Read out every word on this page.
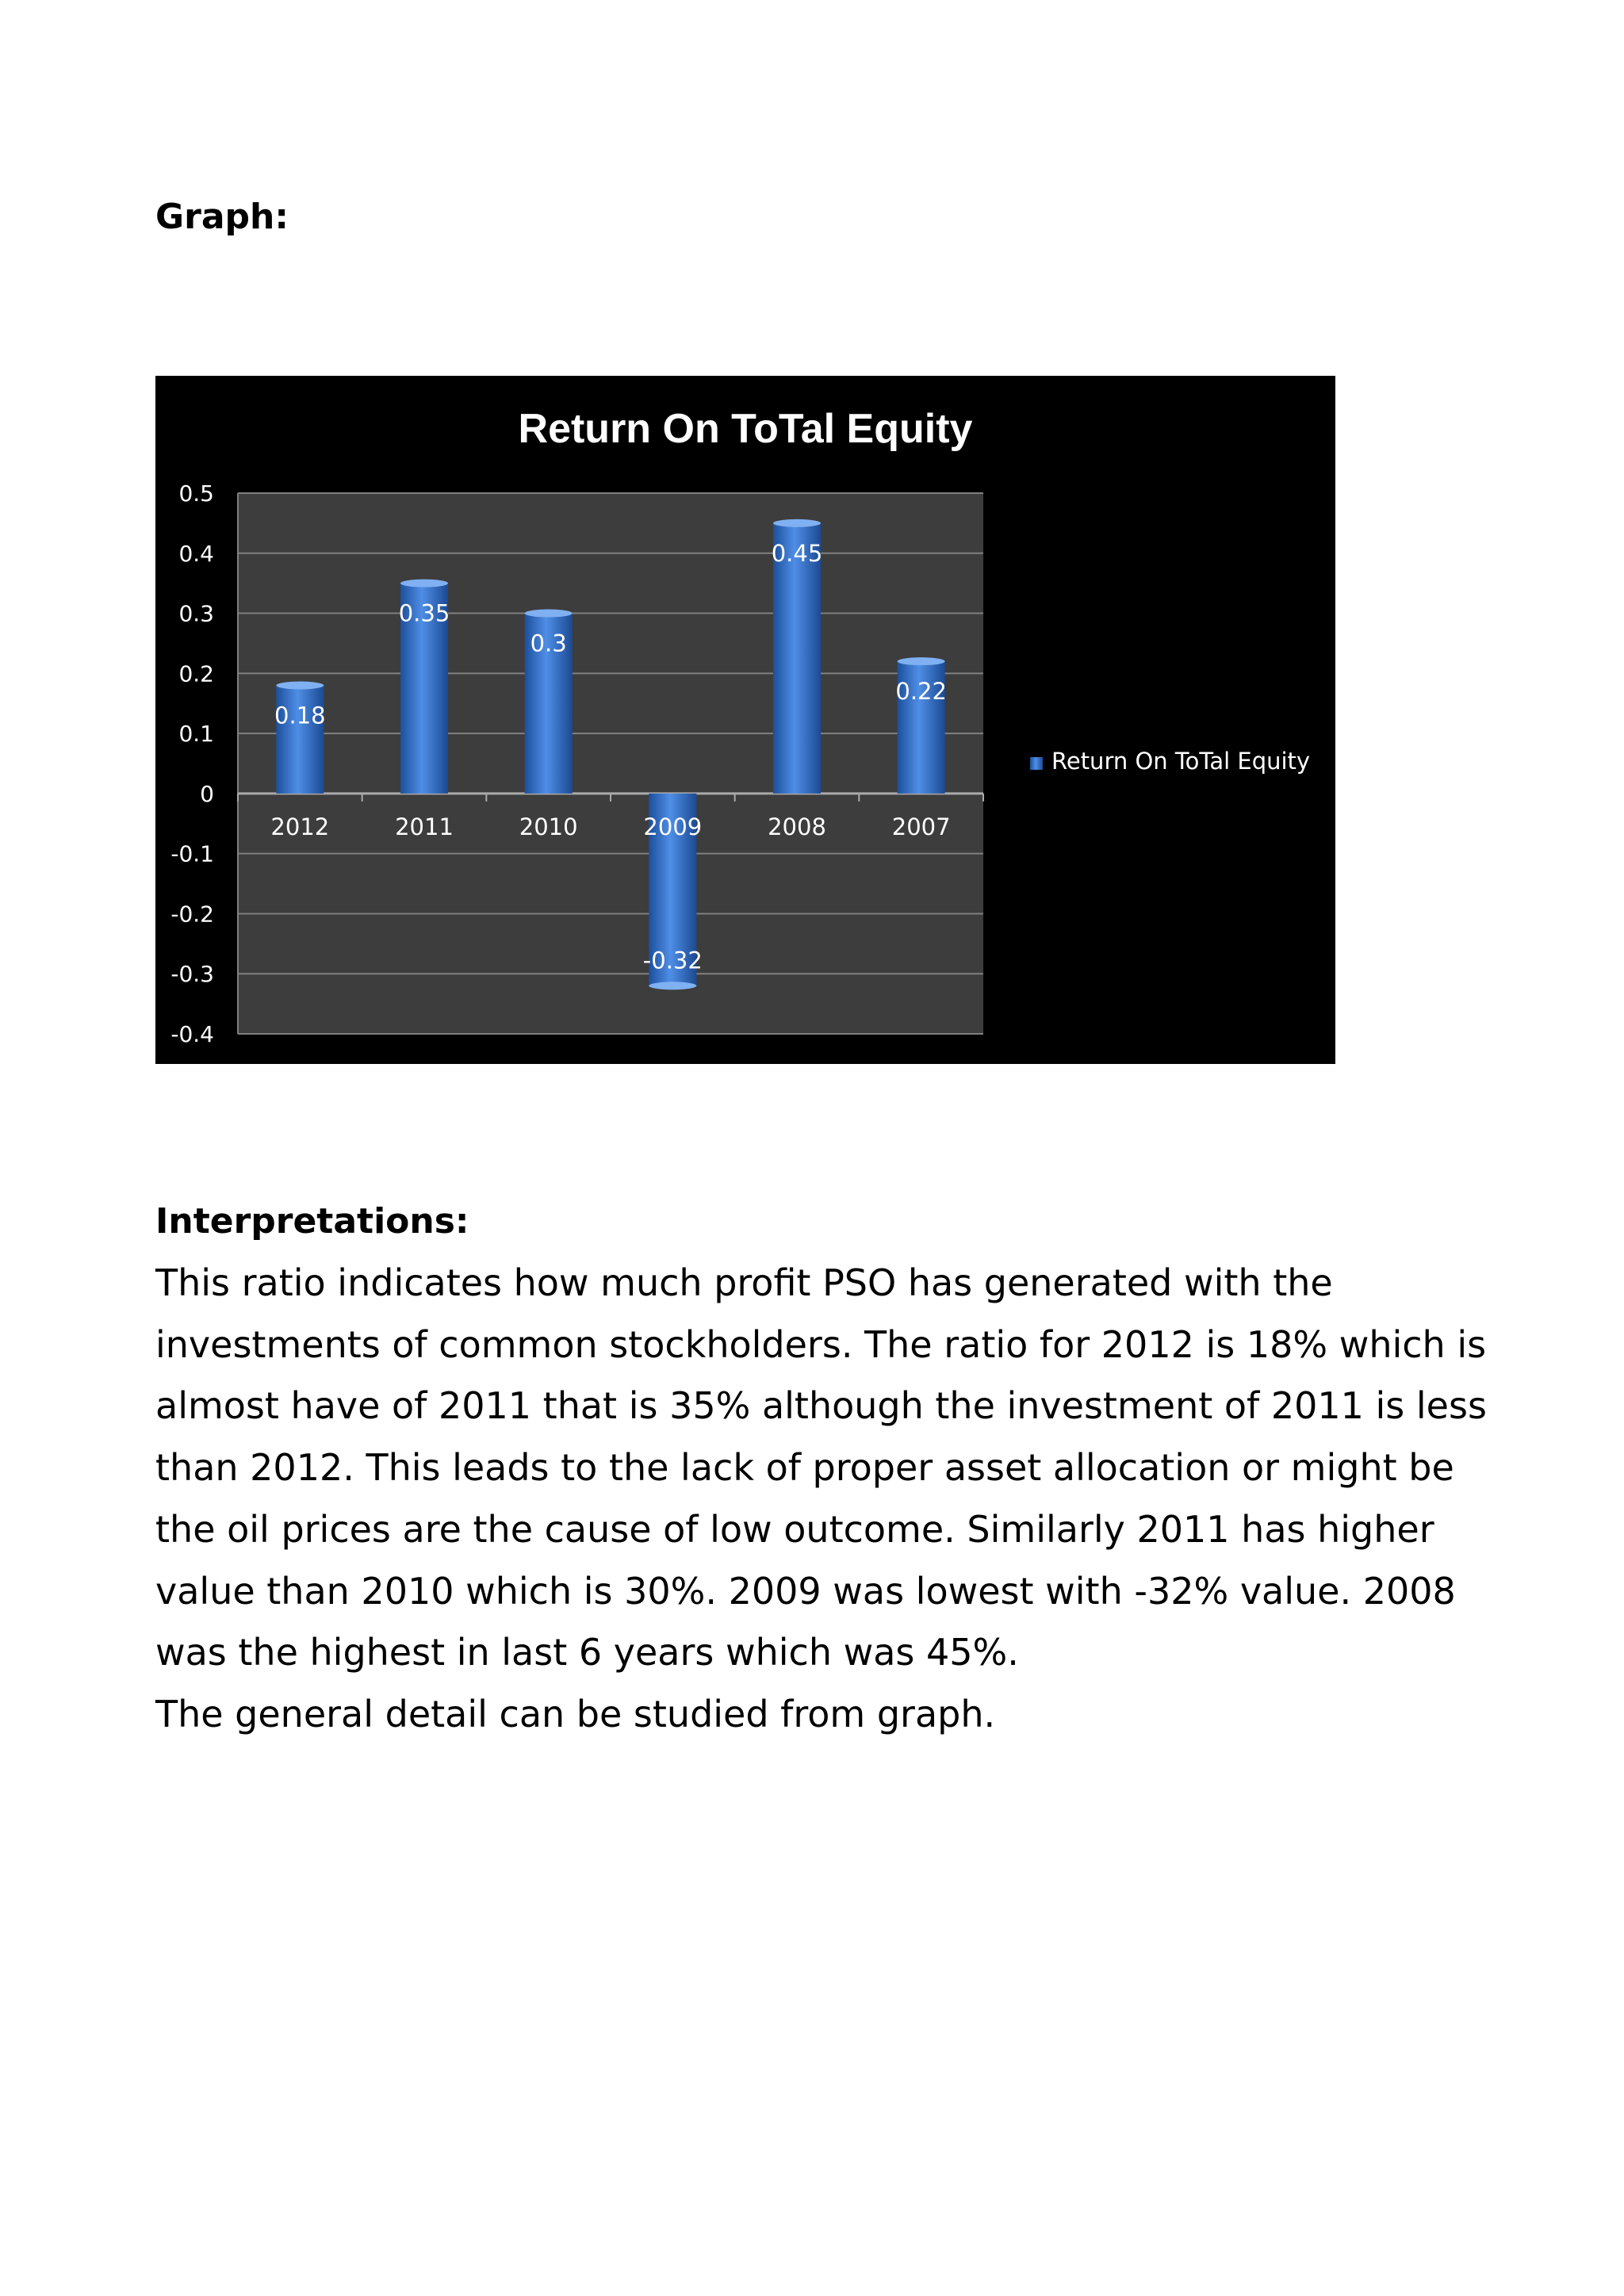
Graph:
0.5
0.4
0.3
0.2
0.1
0
-0.1
-0.2
-0.3
-0.4
2012	2011	2010	2009	2008	2007
0.18
0.35
0.3
-0.32
0.45
0.22
Return On ToTal Equity
Return On ToTal Equity
Interpretations:

This ratio indicates how much profit PSO has generated with the

investments of common stockholders. The ratio for 2012 is 18% which is

almost have of 2011 that is 35% although the investment of 2011 is less

than 2012. This leads to the lack of proper asset allocation or might be

the oil prices are the cause of low outcome. Similarly 2011 has higher

value than 2010 which is 30%. 2009 was lowest with -32% value. 2008

was the highest in last 6 years which was 45%.

The general detail can be studied from graph.
